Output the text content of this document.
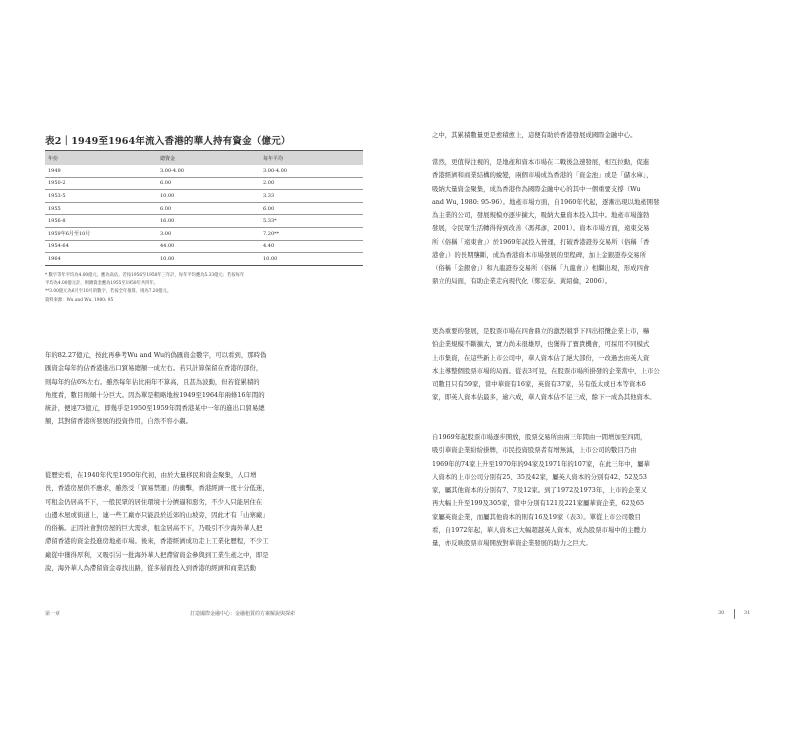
表2｜1949至1964年流入香港的華人持有資金（億元）
年份	總資金	每年平均
1949	3.00-4.00	3.00-4.00
1950-2	6.00	2.00
1953-5	10.00	3.33
1955	6.00	6.00
1956-8	16.00	5.33*
1959年6月至10月	3.00	7.20**
1954-64	44.00	4.40
1964	10.00	10.00
* 數字等年平均為4.00億元，應為高估。若按1956至1958年三年計，每年平均應為5.33億元；若按每年
平均為4.00億元計，則總資金應為1955至1958年共四年。
**3.00億元為6月至10月的數字，若按全年推算，則為7.20億元。
資料來源：Wu and Wu, 1980: 95
年的82.27億元，按此再參考Wu and Wu的偽匯資金數字，可以看到，那時偽
匯資金每年約佔香港進出口貿易總額一成左右。若只計算保留在香港的部份，
則每年約佔6%左右。雖然每年佔比兩年不算高，且甚為波動，但若從累積的
角度看，數目則頗十分巨大。因為單是粗略地按1949至1964年兩條16年間的
統計，便達73億元，即幾乎是1950至1959年間香港某中一年的進出口貿易總
額，其對留香港所發展的投資作用，自然不容小覷。
從歷史看，在1940年代至1950年代初，由於大量移民和資金聚集，人口增
長，香港房屋供不應求，雖然受「貿易禁運」的衝擊，香港經濟一度十分低迷，
可租金仍居高不下，一般民眾的居住環境十分擠逼和惡劣，不少人只能居住在
山邊木屋或街道上，連一些工廠亦只能設於近郊的山坡旁，因此才有「山寨廠」
的俗稱。正因社會對房屋的巨大需求，租金居高不下，乃吸引不少海外華人把
滯留香港的資金投進房地產市場。後來，香港經濟成功走上工業化歷程，不少工
廠從中獲得厚利，又吸引另一批海外華人把滯留資金參與到工業生產之中，即是
說，海外華人為滯留資金尋找出路，從多層面投入到香港的經濟和商業活動
第一章	打造國際金融中心：金融租賃的方案解說與探索
之中，其累積數量更是愈積愈上，這便有助於香港發展成國際金融中心。
當然，更值得注視的，是地產和資本市場在二戰後急速發展，相互拉動，促進
香港經濟和商業結構的蛻變，兩個市場成為香港的「資金池」或是「儲水庫」，
吸納大量資金聚集，成為香港作為國際金融中心的其中一個重要支撐（Wu
and Wu, 1980: 95-96）。地產市場方面，自1960年代起，逐漸出現以地產開發
為主業的公司，發展規模亦逐步擴大，吸納大量資本投入其中。地產市場蓬勃
發展，令民眾生活轉得得到改善（馮邦彥，2001）。資本市場方面，遠東交易
所（俗稱「遠東會」）於1969年試投入營運，打破香港證券交易所（俗稱「香
港會」）的長期壟斷，成為香港資本市場發展的里程碑，加上金銀證券交易所
（俗稱「金銀會」）和九龍證券交易所（俗稱「九龍會」）相繼出現，形成四會
鼎立的局面，有助企業走向現代化（鄭宏泰、黃紹倫，2006）。
更為重要的發展，是股票市場在四會鼎立的激烈競爭下四出招攬企業上市，嚇
怕企業規模不斷擴大，實力尚未很雄厚，也獲得了寶貴機會，可採用不同模式
上市集資，在這些新上市公司中，華人資本佔了絕大部份，一改過去由英人資
本主導整個股票市場的局面。從表3可見，在股票市場所掛發的企業當中，上市公
司數目只有59家，當中華資有16家，英資有37家，另有低太或日本等資本6
家，即英人資本佔最多，逾六成，華人資本佔不足三成，餘下一成為其他資本。
自1969年起股票市場逐步開放，股票交易所由兩三年間由一間增加至四間，
吸引華資企業紛紛掛牌，市民投資股票者有增無減，上市公司的數目乃由
1969年的74家上升至1970年的94家及1971年的107家，在此三年中，屬華
人資本的上市公司分別有25、35及42家，屬英人資本的分別有42、52及53
家，屬其他資本的分別有7、7及12家。到了1972及1973年，上市的企業又
再大幅上升至199及305家，當中分別有121及221家屬華資企業，62及65
家屬英資企業，而屬其他資本的則有16及19家（表3）。單從上市公司數目
看，自1972年起，華人資本已大幅超越英人資本，成為股票市場中的主體力
量，亦反映股票市場開放對華資企業發展的助力之巨大。
30	31
